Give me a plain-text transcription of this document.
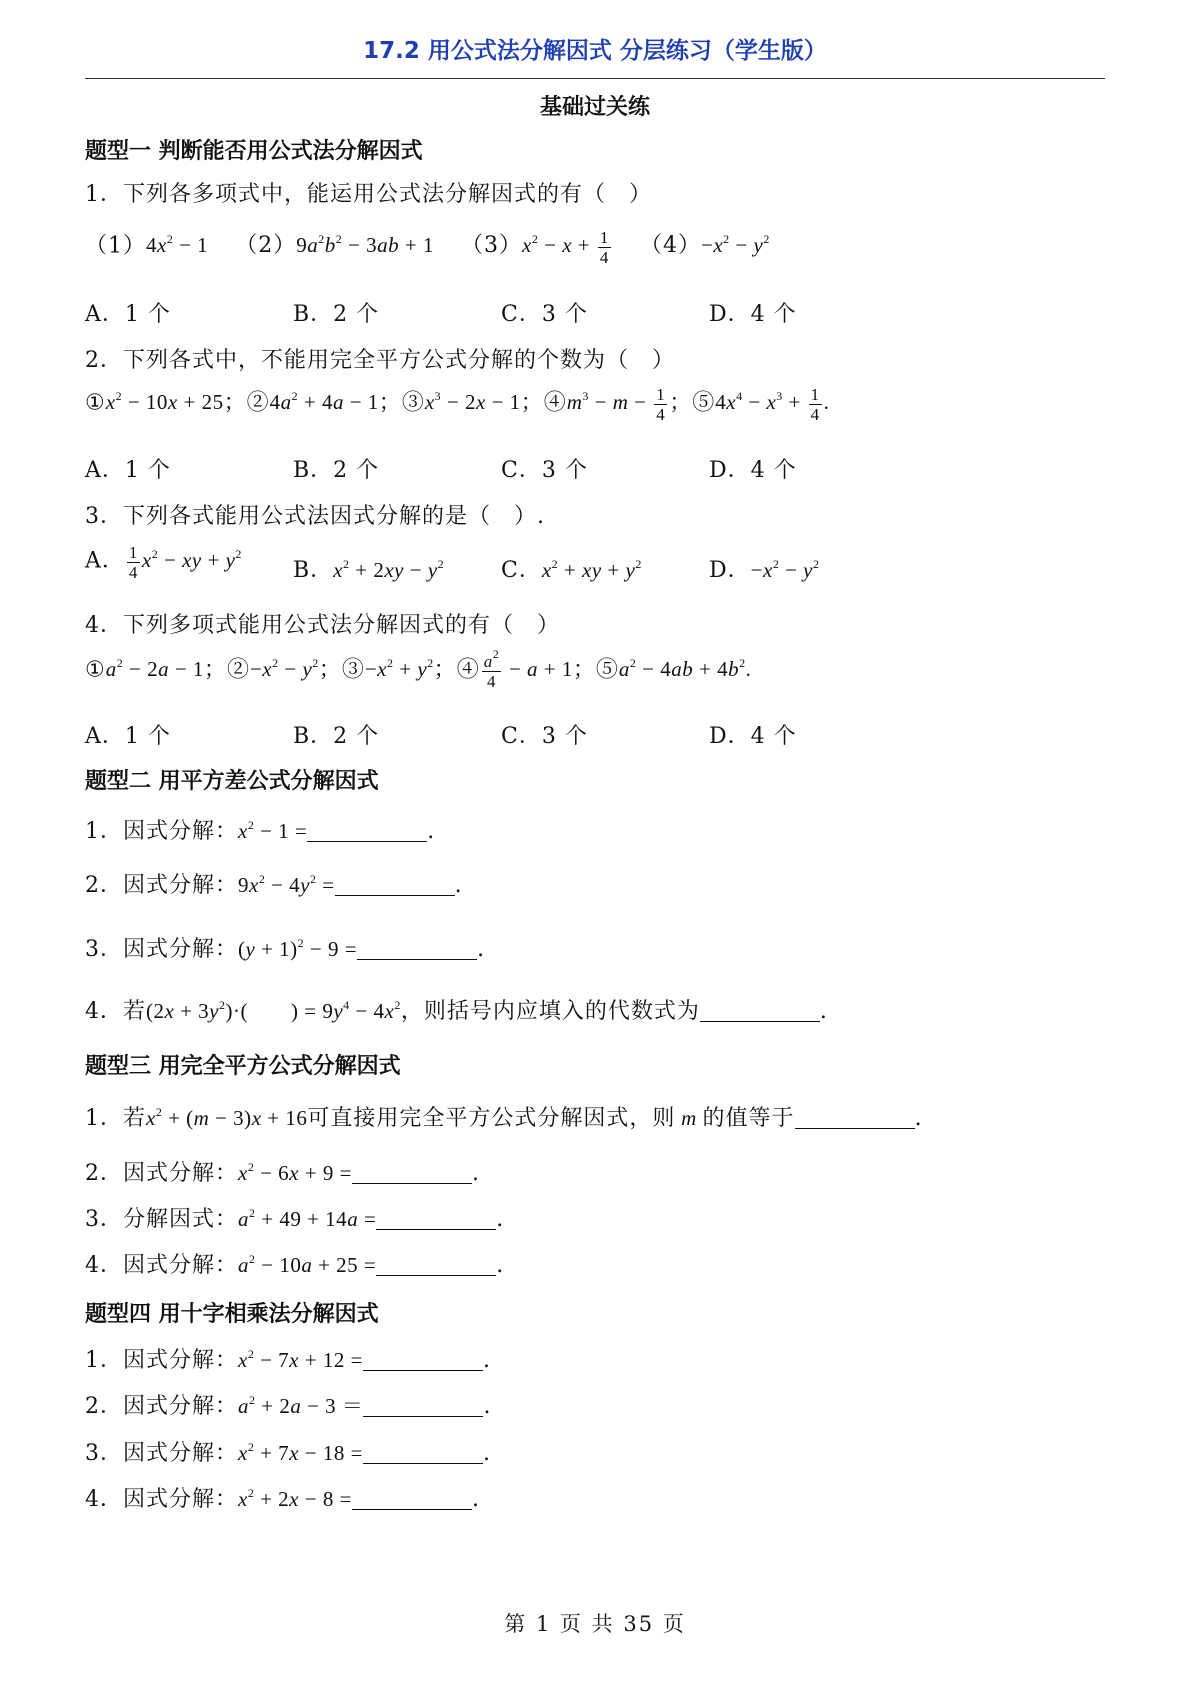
17.2 用公式法分解因式 分层练习（学生版）
基础过关练
题型一 判断能否用公式法分解因式
1．下列各多项式中，能运用公式法分解因式的有（　）
$(1)4x^2 - 1$ $(2)9a^2b^2 - 3ab + 1$ $(3)x^2 - x + \frac{1}{4} (4)-x^2 - y^2$
A．1 个	B．2 个	C．3 个	D．4 个
2．下列各式中，不能用完全平方公式分解的个数为（　）
$①x^2 - 10x + 25$；$②4a^2 + 4a - 1$；$③x^3 - 2x - 1$；$④m^3 - m - \frac{1}{4}$ ；$⑤4x^4 - x^3 + \frac{1}{4}$ .
A．1 个	B．2 个	C．3 个	D．4 个
3．下列各式能用公式法因式分解的是（　）.
A． $\frac{1}{4} x^2$ − xy + $y^2$
B．$x^2 + 2xy - y^2$	C．$x^2$ + xy + $y^2$	D．$-x^2 - y^2$
4．下列多项式能用公式法分解因式的有（　）
$①a^2 - 2a - 1$；$②-x^2 - y^2$；$③-x^2 + y^2$；④ $\frac{a^2}{4} - a + 1$；$⑤a^2 - 4ab + 4b^2$.
A．1 个	B．2 个	C．3 个	D．4 个
题型二 用平方差公式分解因式
1．因式分解：$x^2 - 1$ =	.
2．因式分解：$9x^2 - 4y^2$ =	.
3．因式分解：$(y + 1)^2 - 9$ =	.
4．若$(2x + 3y^2)\cdot$(　　) = $9y^4 - 4x^2$，则括号内应填入的代数式为	.
题型三 用完全平方公式分解因式
1．若$x^2 + (m - 3)x + 16$可直接用完全平方公式分解因式，则 m 的值等于	.
2．因式分解：$x^2 - 6x + 9$ =	.
3．分解因式：$a^2 + 49 + 14a$ =	.
4．因式分解：$a^2 - 10a + 25$ =	.
题型四 用十字相乘法分解因式
1．因式分解：$x^2 - 7x + 12$ =	.
2．因式分解：$a^2 + 2a - 3$ ＝	.
3．因式分解：$x^2 + 7x - 18$ =	.
4．因式分解：$x^2 + 2x - 8$ =	.
第 1 页 共 35 页
